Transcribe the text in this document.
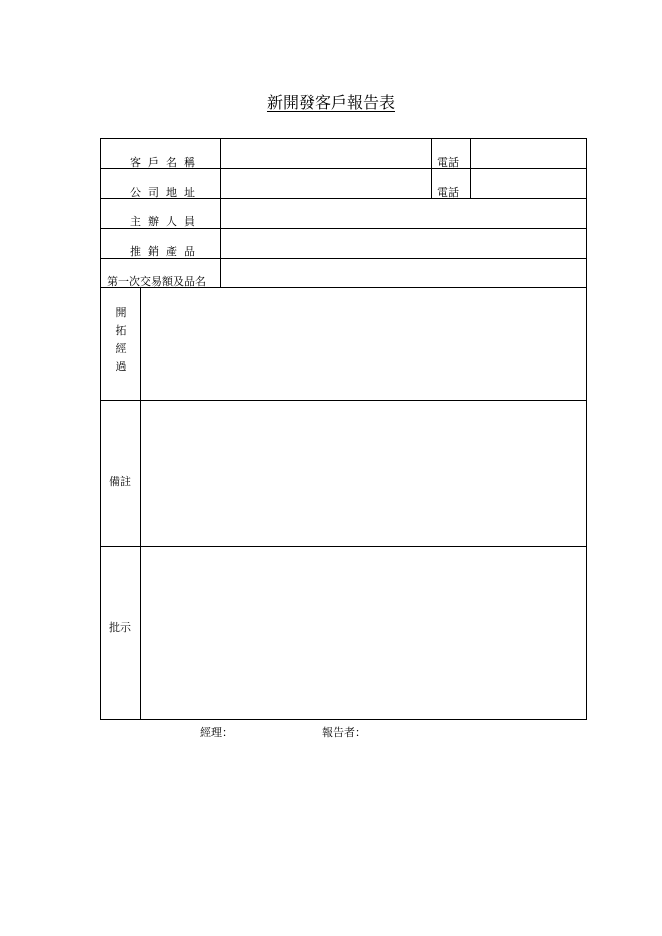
新開發客戶報告表
客戶名稱	電話
公司地址	電話
主辦人員
推銷產品
第一次交易額及品名
開拓經過
備註
批示
經理：	報告者：
